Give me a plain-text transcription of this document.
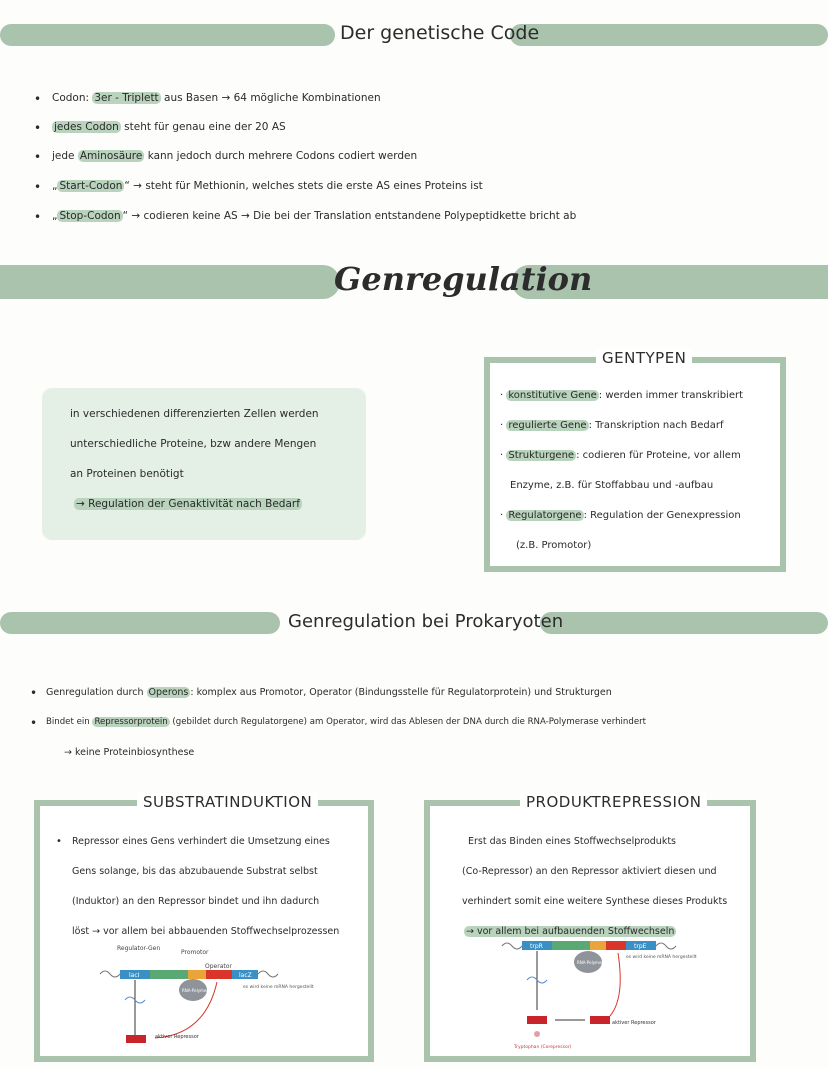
Der genetische Code
• Codon: 3er - Triplett aus Basen → 64 mögliche Kombinationen
• jedes Codon steht für genau eine der 20 AS
• jede Aminosäure kann jedoch durch mehrere Codons codiert werden
• „ Start-Codon “ → steht für Methionin, welches stets die erste AS eines Proteins ist
• „ Stop-Codon “ → codieren keine AS → Die bei der Translation entstandene Polypeptidkette bricht ab
Genregulation
in verschiedenen differenzierten Zellen werden
unterschiedliche Proteine, bzw andere Mengen
an Proteinen benötigt
→ Regulation der Genaktivität nach Bedarf
GENTYPEN
· konstitutive Gene : werden immer transkribiert
· regulierte Gene : Transkription nach Bedarf
· Strukturgene : codieren für Proteine, vor allem
Enzyme, z.B. für Stoffabbau und -aufbau
· Regulatorgene : Regulation der Genexpression
(z.B. Promotor)
Genregulation bei Prokaryoten
• Genregulation durch Operons : komplex aus Promotor, Operator (Bindungsstelle für Regulatorprotein) und Strukturgen
• Bindet ein Repressorprotein (gebildet durch Regulatorgene) am Operator, wird das Ablesen der DNA durch die RNA-Polymerase verhindert
→ keine Proteinbiosynthese
SUBSTRATINDUKTION
• Repressor eines Gens verhindert die Umsetzung eines
Gens solange, bis das abzubauende Substrat selbst
(Induktor) an den Repressor bindet und ihn dadurch
löst → vor allem bei abbauenden Stoffwechselprozessen
Regulator-Gen
Promotor
Operator
lacI	lacZ
es wird keine mRNA hergestellt
RNA-Polymerase
aktiver Repressor
PRODUKTREPRESSION
Erst das Binden eines Stoffwechselprodukts
(Co-Repressor) an den Repressor aktiviert diesen und
verhindert somit eine weitere Synthese dieses Produkts
→ vor allem bei aufbauenden Stoffwechseln
trpR	trpE
es wird keine mRNA hergestellt
RNA-Polymerase
aktiver Repressor
Tryptophan (Corepressor)
